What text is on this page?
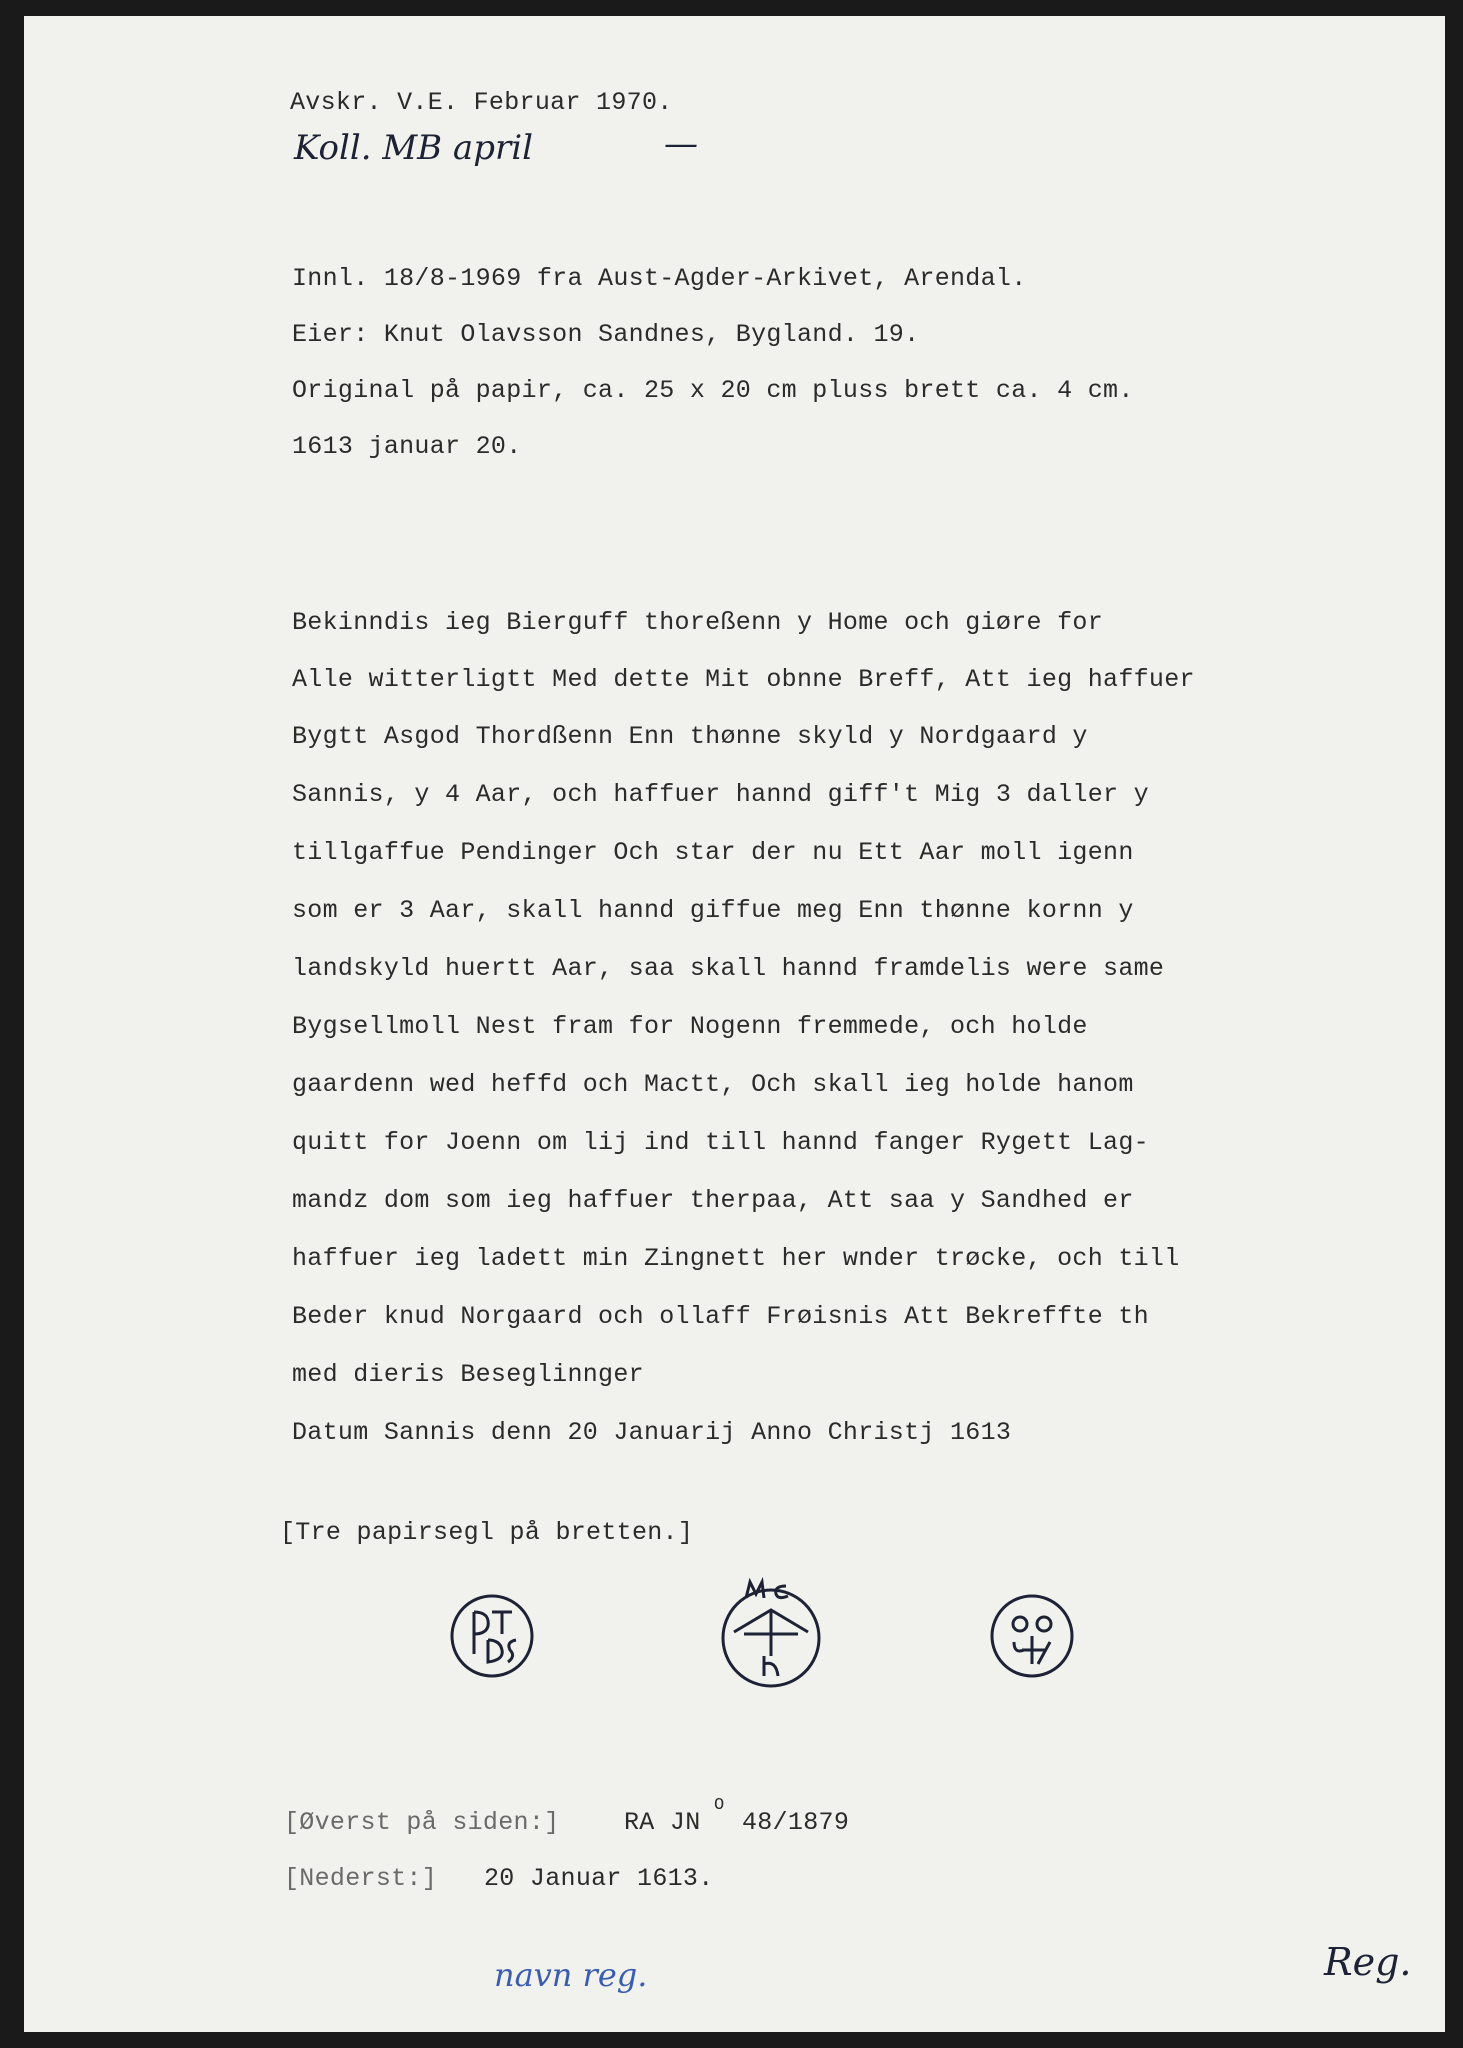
Avskr. V.E. Februar 1970.
Koll. MB april	—
Innl. 18/8-1969 fra Aust-Agder-Arkivet, Arendal.
Eier: Knut Olavsson Sandnes, Bygland. 19.
Original på papir, ca. 25 x 20 cm pluss brett ca. 4 cm.
1613 januar 20.
Bekinndis ieg Bierguff thoreßenn y Home och giøre for
Alle witterligtt Med dette Mit obnne Breff, Att ieg haffuer
Bygtt Asgod Thordßenn Enn thønne skyld y Nordgaard y
Sannis, y 4 Aar, och haffuer hannd giff't Mig 3 daller y
tillgaffue Pendinger Och star der nu Ett Aar moll igenn
som er 3 Aar, skall hannd giffue meg Enn thønne kornn y
landskyld huertt Aar, saa skall hannd framdelis were same
Bygsellmoll Nest fram for Nogenn fremmede, och holde
gaardenn wed heffd och Mactt, Och skall ieg holde hanom
quitt for Joenn om lij ind till hannd fanger Rygett Lag-
mandz dom som ieg haffuer therpaa, Att saa y Sandhed er
haffuer ieg ladett min Zingnett her wnder trøcke, och till
Beder knud Norgaard och ollaff Frøisnis Att Bekreffte th
med dieris Beseglinnger
Datum Sannis denn 20 Januarij Anno Christj 1613
[Tre papirsegl på bretten.]
[Øverst på siden:]	RA JN
O
48/1879
[Nederst:] 20 Januar 1613.
navn reg.	Reg.
